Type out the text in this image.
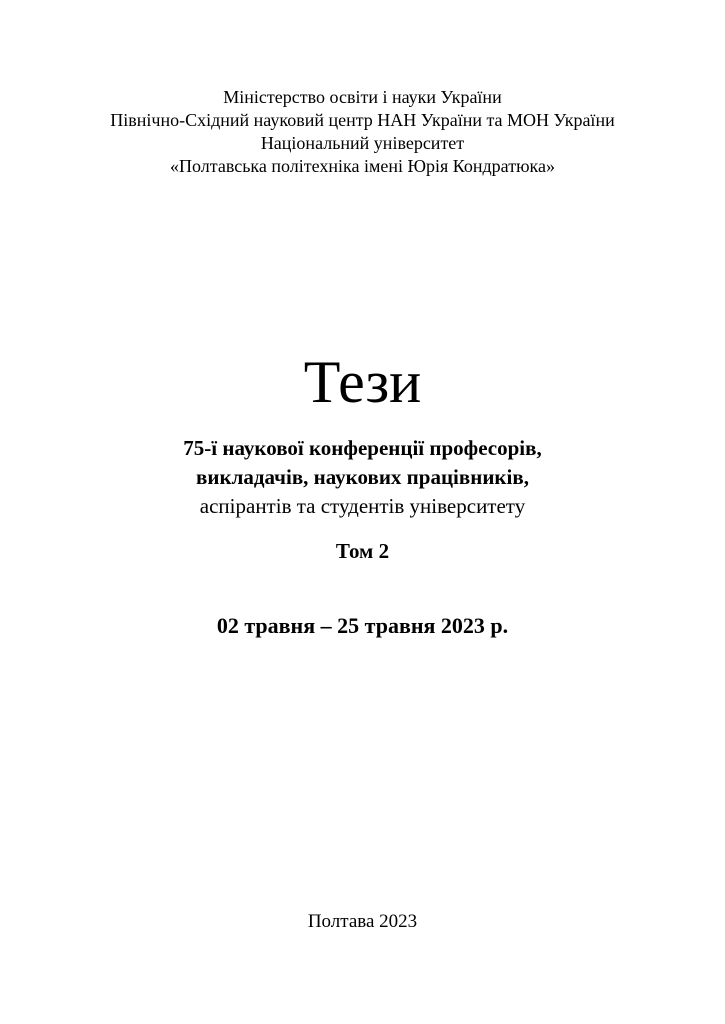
Міністерство освіти і науки України
Північно-Східний науковий центр НАН України та МОН України
Національний університет
«Полтавська політехніка імені Юрія Кондратюка»
Тези
75-ї наукової конференції професорів,
викладачів, наукових працівників,
аспірантів та студентів університету
Том 2
02 травня – 25 травня 2023 р.
Полтава 2023
